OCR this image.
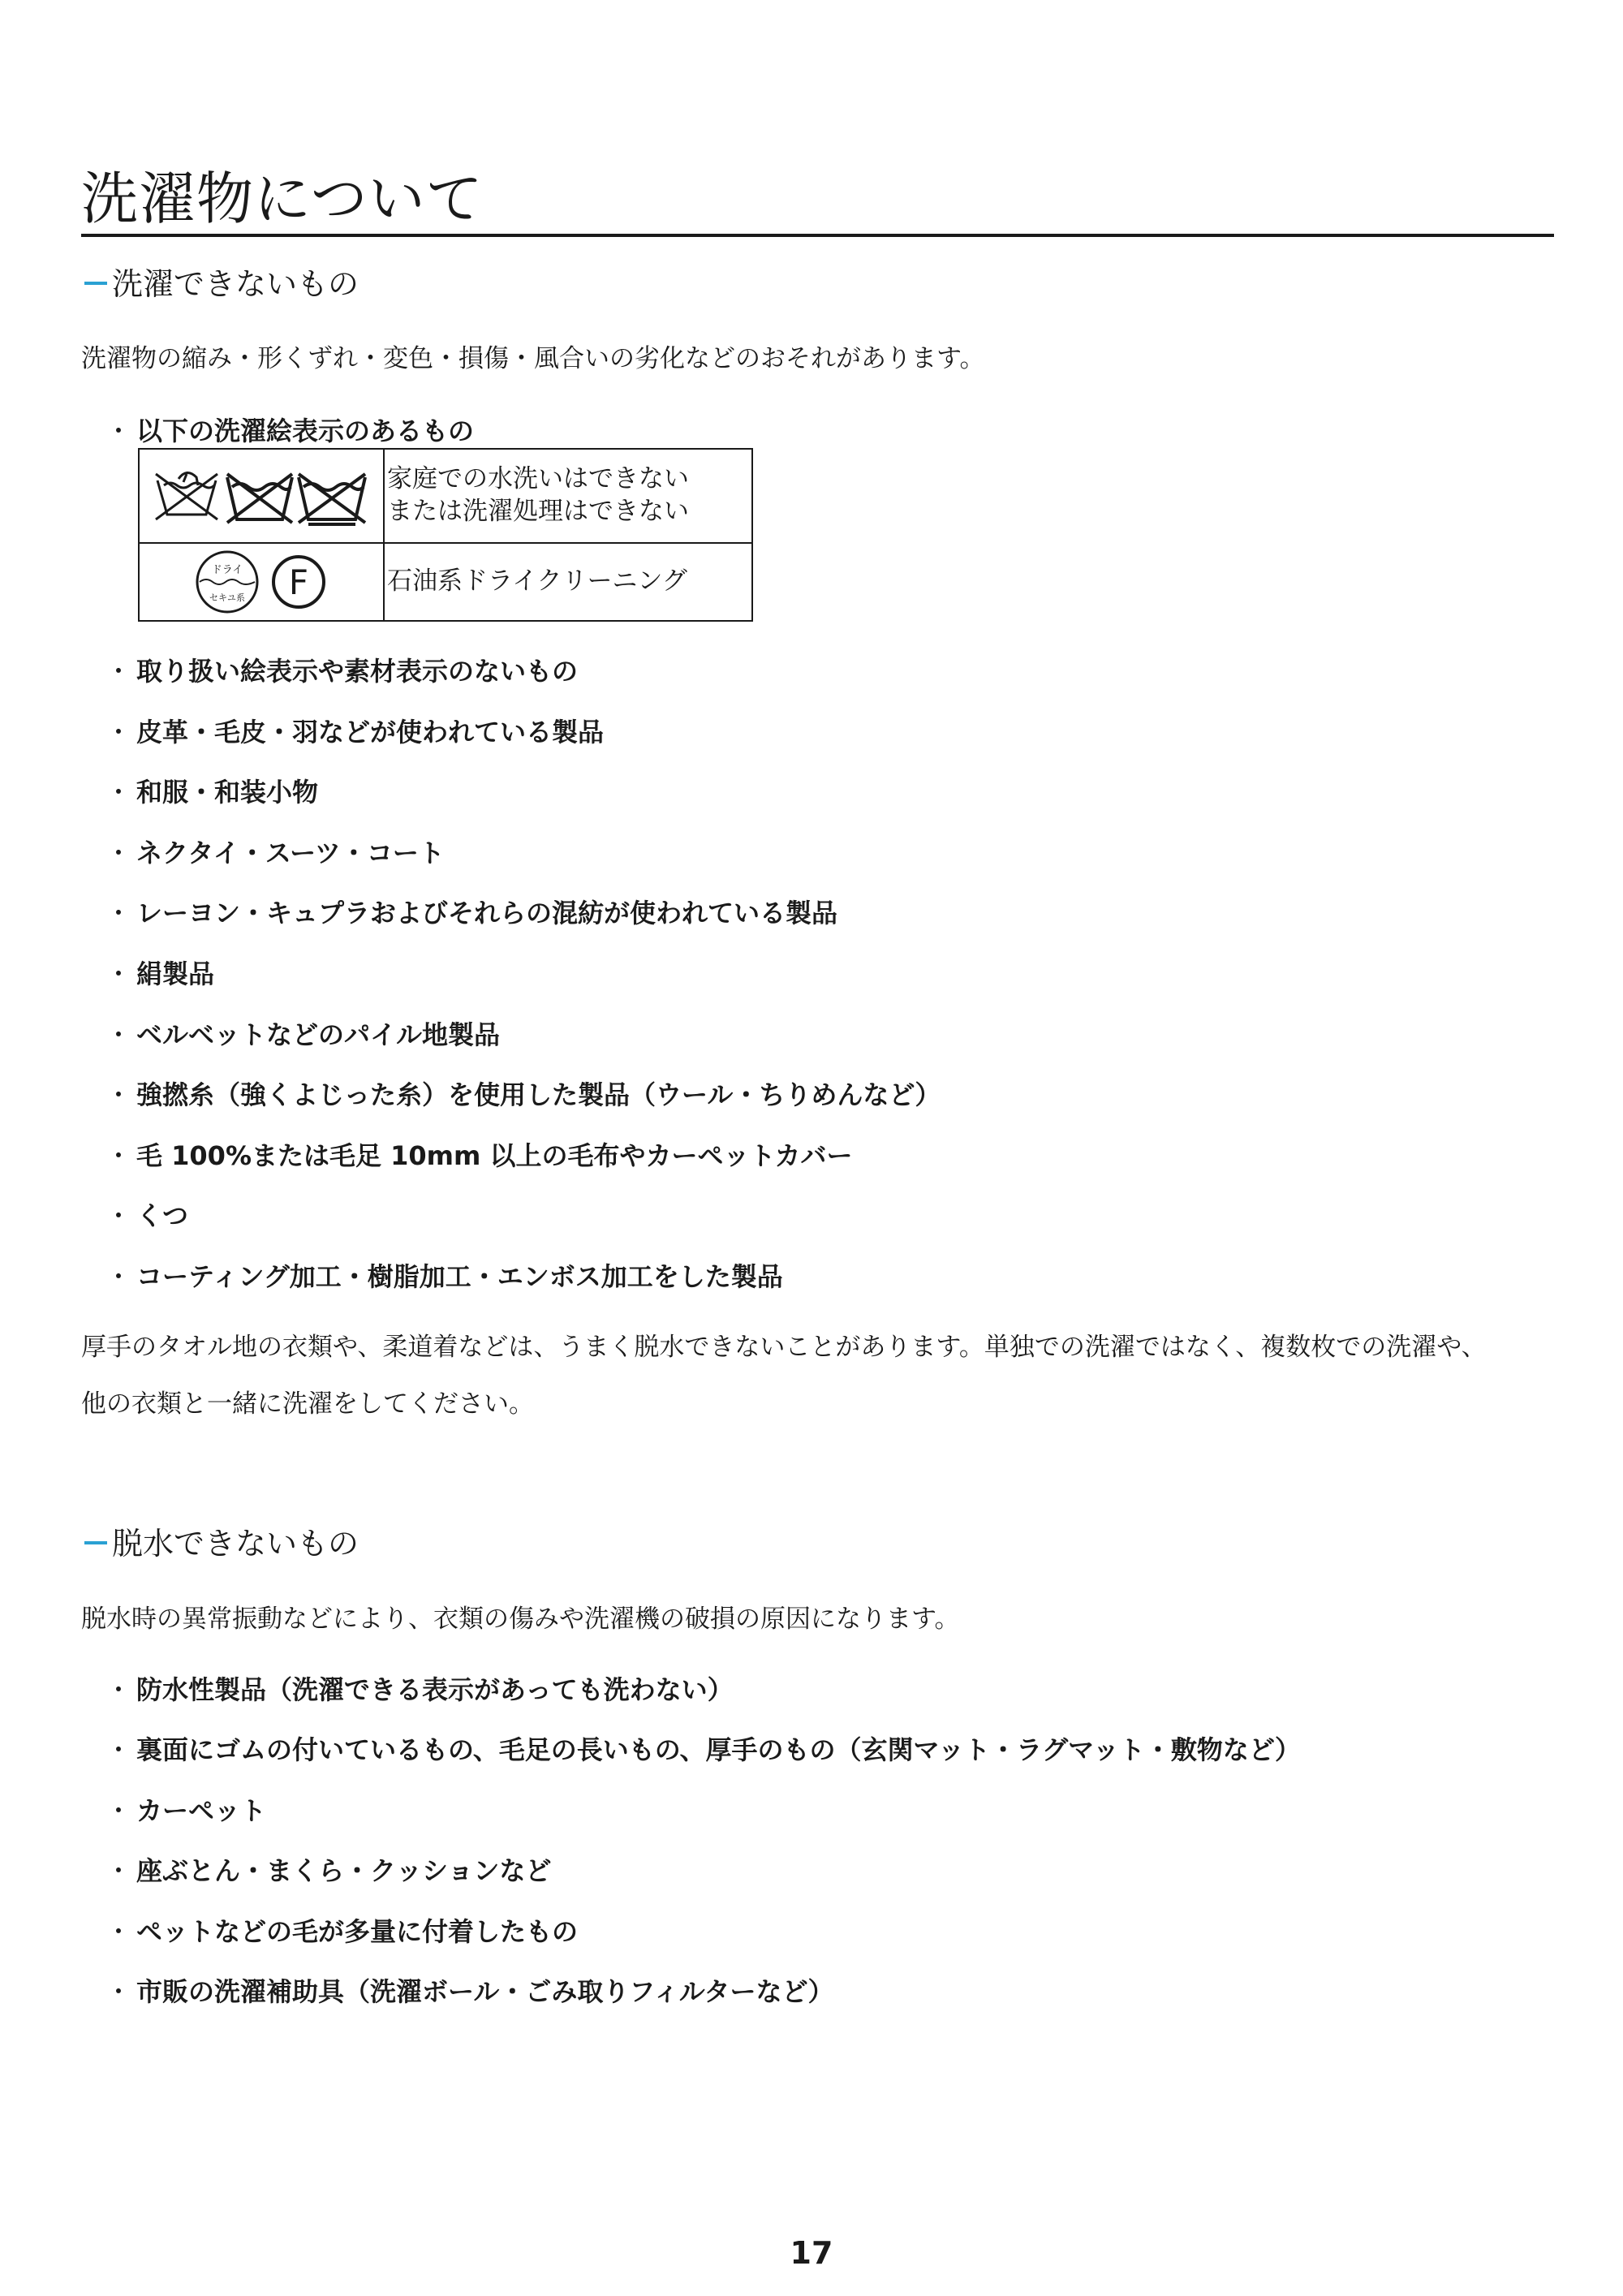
洗濯物について
洗濯できないもの

洗濯物の縮み・形くずれ・変色・損傷・風合いの劣化などのおそれがあります。

・ 以下の洗濯絵表示のあるもの
家庭での水洗いはできない
または洗濯処理はできない
ドライ
セキユ系 F	石油系ドライクリーニング
・ 取り扱い絵表示や素材表示のないもの
・ 皮革・毛皮・羽などが使われている製品
・ 和服・和装小物
・ ネクタイ・スーツ・コート
・ レーヨン・キュプラおよびそれらの混紡が使われている製品
・ 絹製品
・ ベルベットなどのパイル地製品
・ 強撚糸（強くよじった糸）を使用した製品（ウール・ちりめんなど）
・ 毛 100%または毛足 10mm 以上の毛布やカーペットカバー
・ くつ
・ コーティング加工・樹脂加工・エンボス加工をした製品

厚手のタオル地の衣類や、柔道着などは、うまく脱水できないことがあります。単独での洗濯ではなく、複数枚での洗濯や、

他の衣類と一緒に洗濯をしてください。

脱水できないもの

脱水時の異常振動などにより、衣類の傷みや洗濯機の破損の原因になります。

・ 防水性製品（洗濯できる表示があっても洗わない）
・ 裏面にゴムの付いているもの、毛足の長いもの、厚手のもの（玄関マット・ラグマット・敷物など）
・ カーペット
・ 座ぶとん・まくら・クッションなど
・ ペットなどの毛が多量に付着したもの
・ 市販の洗濯補助具（洗濯ボール・ごみ取りフィルターなど）
17
